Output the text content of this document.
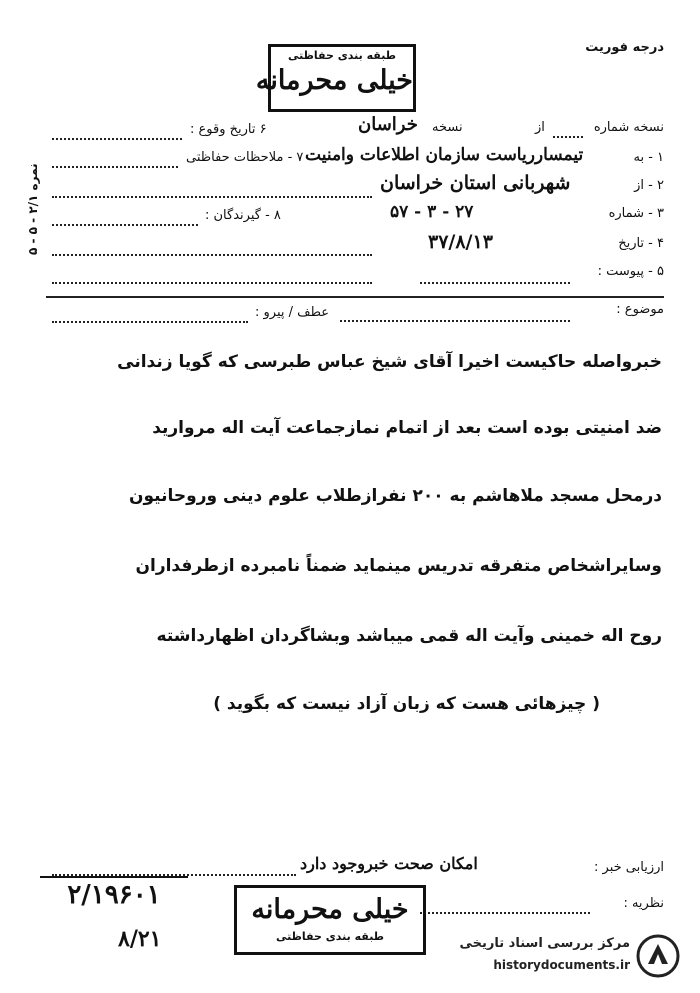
درجه فوریت
طبقه بندی حفاظتی
خیلی محرمانه
نمره ۲/۱ - ۵ - ۵
نسخه شماره
از
نسخه
خراسان
۶ تاریخ وقوع :
۱ - به
تیمسارریاست سازمان اطلاعات وامنیت
۷ - ملاحظات حفاظتی
۲ - از
شهربانی استان خراسان
۳ - شماره
۵۷ - ۳ - ۲۷
۸ - گیرندگان :
۴ - تاریخ
۳۷/۸/۱۳
۵ - پیوست :
موضوع :
عطف / پیرو :
خبرواصله حاکیست اخیرا آقای شیخ عباس طبرسی که گویا زندانی
ضد امنیتی بوده است بعد از اتمام نمازجماعت آیت اله مروارید
درمحل مسجد ملاهاشم به ۲۰۰ نفرازطلاب علوم دینی وروحانیون
وسایراشخاص متفرقه تدریس مینماید ضمناً نامبرده ازطرفداران
روح اله خمینی وآیت اله قمی میباشد وبشاگردان اظهارداشته
( چیزهائی هست که زبان آزاد نیست که بگوید )
ارزیابی خبر :
امکان صحت خبروجود دارد
نظریه :
۲/۱۹۶۰۱
۸/۲۱
خیلی محرمانه
طبقه بندی حفاظتی	مرکز بررسی اسناد تاریخی
historydocuments.ir
